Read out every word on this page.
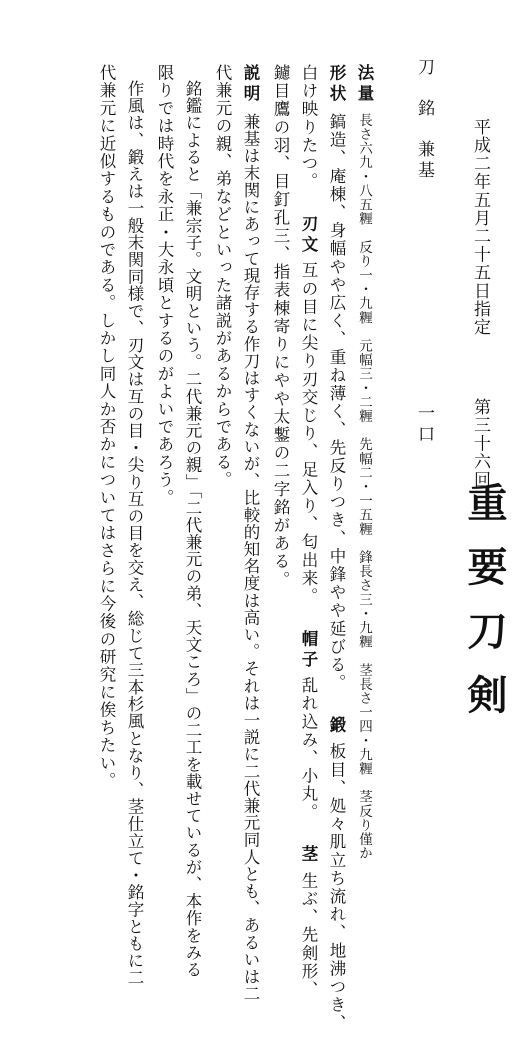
平成二年五月二十五日指定
第三十六回
重要刀剣
刀銘兼基
一口
法量長さ六九・八五糎　反り一・九糎　元幅三・二糎　先幅二・一五糎　鋒長さ三・九糎　茎長さ一四・九糎　茎反り僅か
形状鎬造、庵棟、身幅やや広く、重ね薄く、先反りつき、中鋒やや延びる。鍛板目、処々肌立ち流れ、地沸つき、
白け映りたつ。刃文互の目に尖り刃交じり、足入り、匂出来。帽子乱れ込み、小丸。茎生ぶ、先剣形、
鑢目鷹の羽、目釘孔三、指表棟寄りにやや太鏨の二字銘がある。
説明兼基は末関にあって現存する作刀はすくないが、比較的知名度は高い。それは一説に二代兼元同人とも、あるいは二
代兼元の親、弟などといった諸説があるからである。
銘鑑によると「兼宗子。文明という。二代兼元の親」「二代兼元の弟、天文ころ」の二工を載せているが、本作をみる
限りでは時代を永正・大永頃とするのがよいであろう。
作風は、鍛えは一般末関同様で、刃文は互の目・尖り互の目を交え、総じて三本杉風となり、茎仕立て・銘字ともに二
代兼元に近似するものである。しかし同人か否かについてはさらに今後の研究に俟ちたい。
